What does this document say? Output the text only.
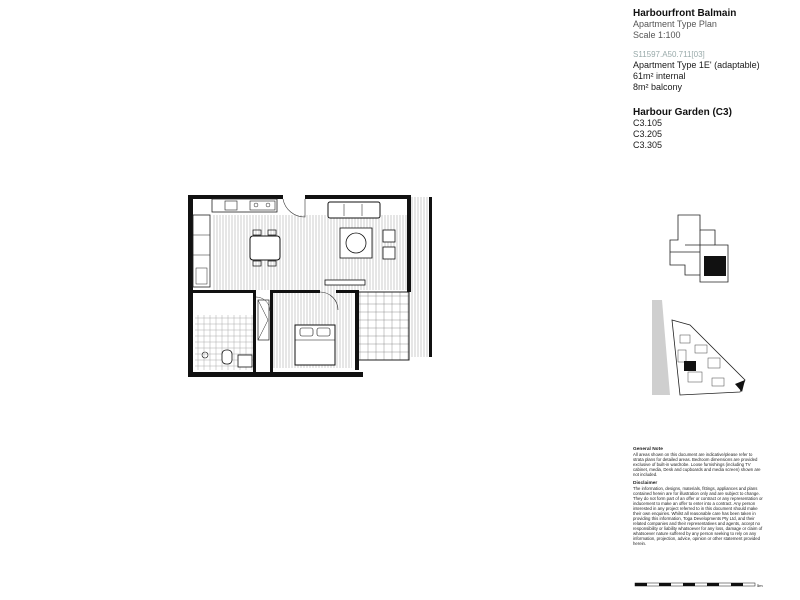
Harbourfront Balmain
Apartment Type Plan
Scale 1:100
S11597.A50.711[03]
Apartment Type 1E' (adaptable)
61m² internal
8m² balcony
Harbour Garden (C3)
C3.105
C3.205
C3.305
General Note

All areas shown on this document are indicative/please refer to strata plans for detailed areas. Bedroom dimensions are provided exclusive of built-in wardrobe. Loose furnishings (including TV cabinet, media, Desk and cupboards and media screen) shown are not included.

Disclaimer

The information, designs, materials, fittings, appliances and plans contained herein are for illustration only and are subject to change. They do not form part of an offer or contract or any representation or inducement to make an offer to enter into a contract. Any person interested in any project referred to in this document should make their own enquiries. Whilst all reasonable care has been taken in providing this information, Toga Developments Pty Ltd, and their related companies and their representatives and agents, accept no responsibility or liability whatsoever for any loss, damage or claim of whatsoever nature suffered by any person seeking to rely on any information, projection, advice, opinion or other statement provided herein.

5m
